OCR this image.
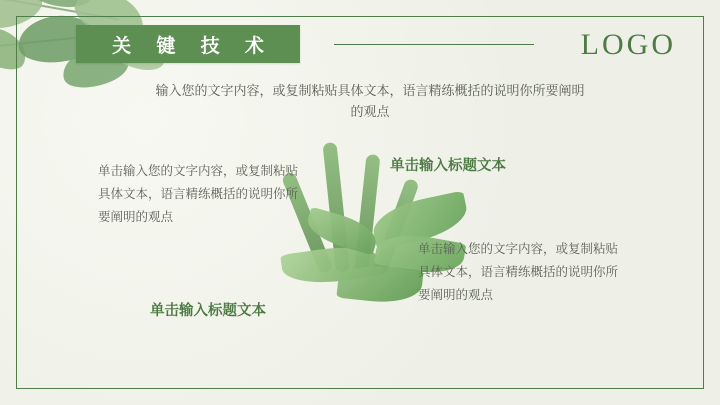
关 键 技 术	LOGO
输入您的文字内容，或复制粘贴具体文本，语言精练概括的说明你所要阐明的观点
单击输入您的文字内容，或复制粘贴具体文本，语言精练概括的说明你所要阐明的观点
单击输入标题文本
单击输入标题文本
单击输入您的文字内容，或复制粘贴具体文本，语言精练概括的说明你所要阐明的观点
